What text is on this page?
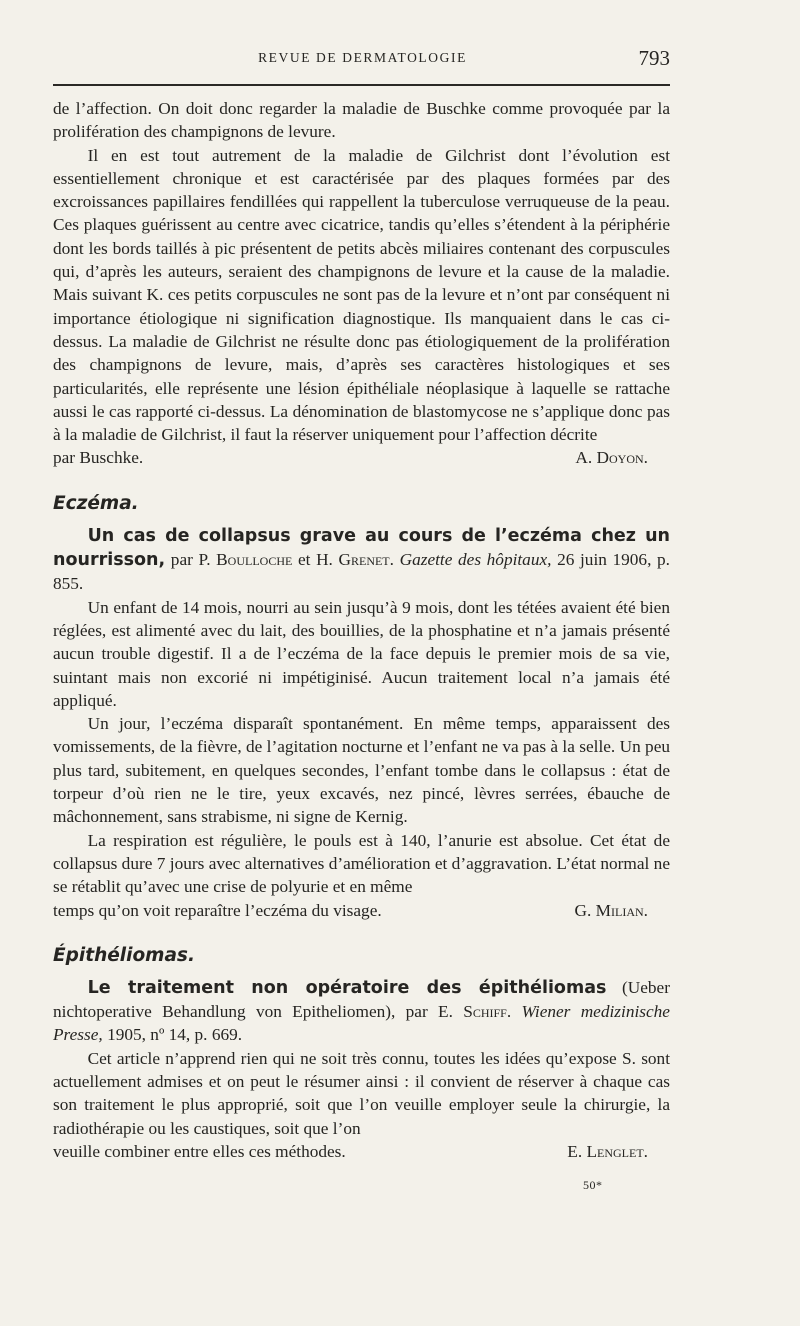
REVUE DE DERMATOLOGIE	793

de l’affection. On doit donc regarder la maladie de Buschke comme provoquée par la prolifération des champignons de levure.

Il en est tout autrement de la maladie de Gilchrist dont l’évolution est essentiellement chronique et est caractérisée par des plaques formées par des excroissances papillaires fendillées qui rappellent la tuberculose verruqueuse de la peau. Ces plaques guérissent au centre avec cicatrice, tandis qu’elles s’étendent à la périphérie dont les bords taillés à pic présentent de petits abcès miliaires contenant des corpuscules qui, d’après les auteurs, seraient des champignons de levure et la cause de la maladie. Mais suivant K. ces petits corpuscules ne sont pas de la levure et n’ont par conséquent ni importance étiologique ni signification diagnostique. Ils manquaient dans le cas ci-dessus. La maladie de Gilchrist ne résulte donc pas étiologiquement de la prolifération des champignons de levure, mais, d’après ses caractères histologiques et ses particularités, elle représente une lésion épithéliale néoplasique à laquelle se rattache aussi le cas rapporté ci-dessus. La dénomination de blastomycose ne s’applique donc pas à la maladie de Gilchrist, il faut la réserver uniquement pour l’affection décrite

par Buschke.	A. Doyon.
Eczéma.

Un cas de collapsus grave au cours de l’eczéma chez un nourrisson, par P. Boulloche et H. Grenet. Gazette des hôpitaux, 26 juin 1906, p. 855.

Un enfant de 14 mois, nourri au sein jusqu’à 9 mois, dont les tétées avaient été bien réglées, est alimenté avec du lait, des bouillies, de la phosphatine et n’a jamais présenté aucun trouble digestif. Il a de l’eczéma de la face depuis le premier mois de sa vie, suintant mais non excorié ni impétiginisé. Aucun traitement local n’a jamais été appliqué.

Un jour, l’eczéma disparaît spontanément. En même temps, apparaissent des vomissements, de la fièvre, de l’agitation nocturne et l’enfant ne va pas à la selle. Un peu plus tard, subitement, en quelques secondes, l’enfant tombe dans le collapsus : état de torpeur d’où rien ne le tire, yeux excavés, nez pincé, lèvres serrées, ébauche de mâchonnement, sans strabisme, ni signe de Kernig.

La respiration est régulière, le pouls est à 140, l’anurie est absolue. Cet état de collapsus dure 7 jours avec alternatives d’amélioration et d’aggravation. L’état normal ne se rétablit qu’avec une crise de polyurie et en même

temps qu’on voit reparaître l’eczéma du visage.	G. Milian.
Épithéliomas.

Le traitement non opératoire des épithéliomas (Ueber nichtoperative Behandlung von Epitheliomen), par E. Schiff. Wiener medizinische Presse, 1905, nº 14, p. 669.

Cet article n’apprend rien qui ne soit très connu, toutes les idées qu’expose S. sont actuellement admises et on peut le résumer ainsi : il convient de réserver à chaque cas son traitement le plus approprié, soit que l’on veuille employer seule la chirurgie, la radiothérapie ou les caustiques, soit que l’on

veuille combiner entre elles ces méthodes.	E. Lenglet.
50*
